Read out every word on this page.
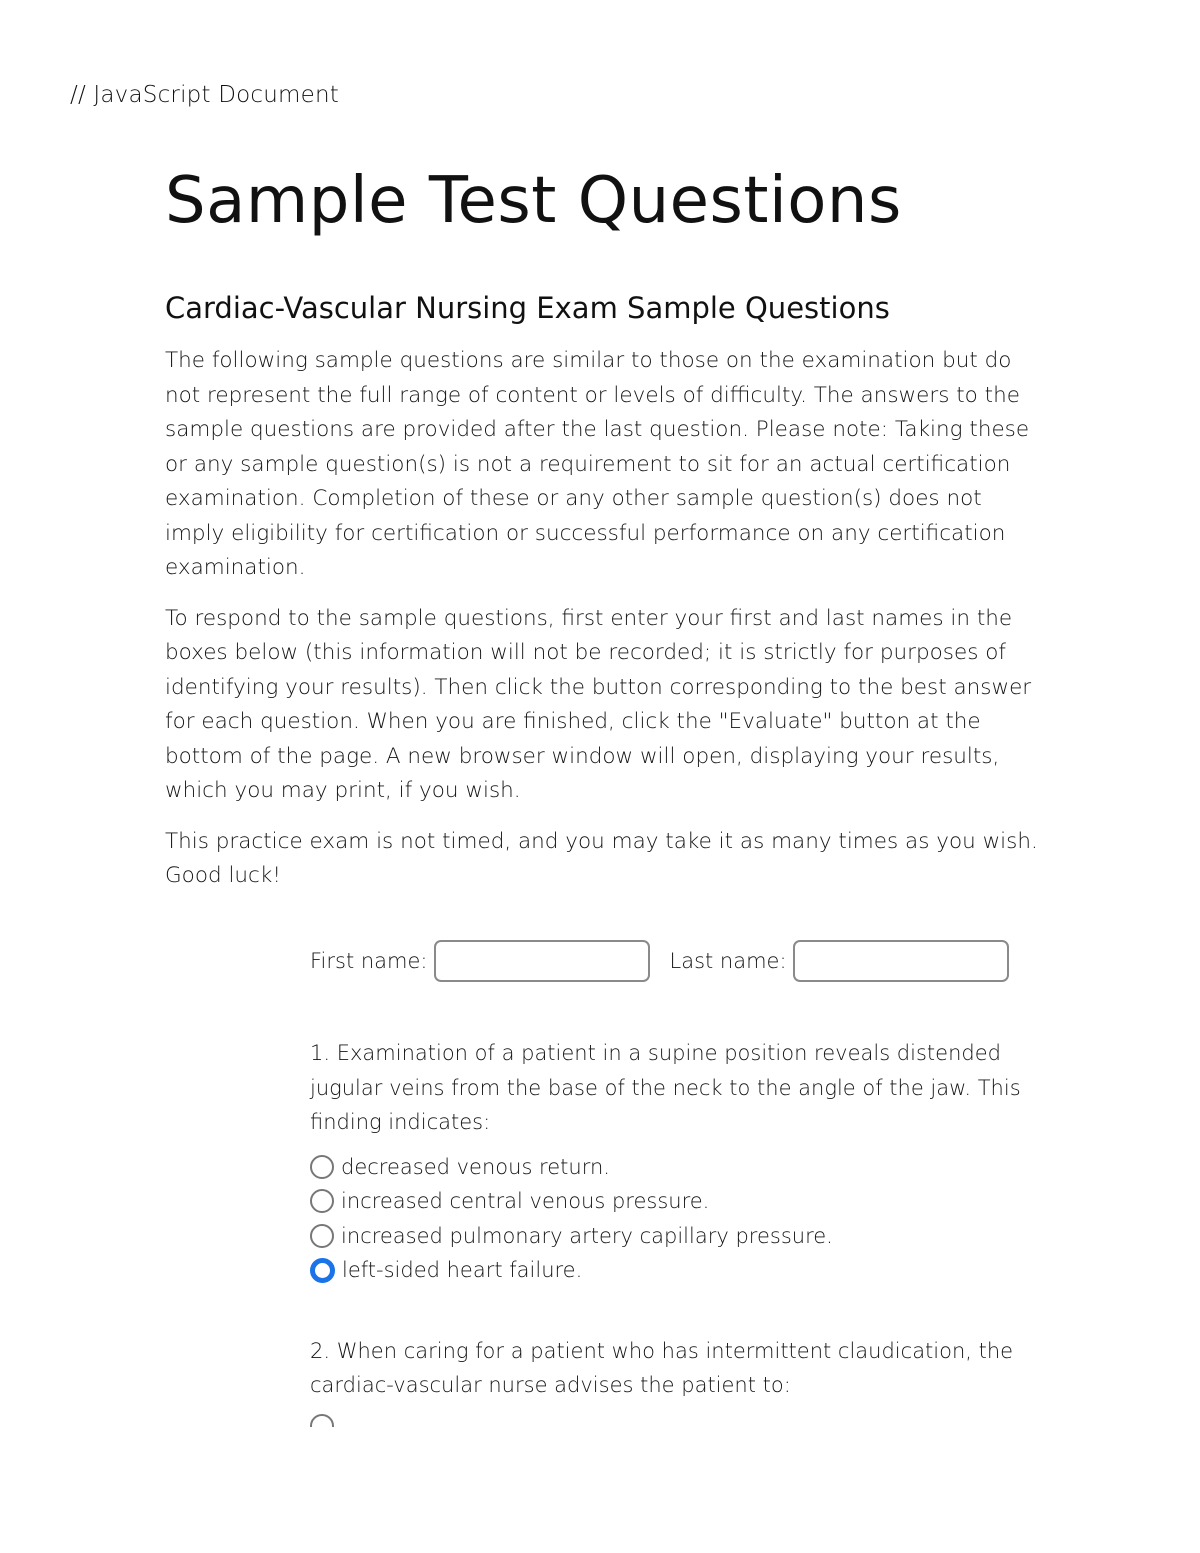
// JavaScript Document
Sample Test Questions
Cardiac-Vascular Nursing Exam Sample Questions

The following sample questions are similar to those on the examination but do not represent the full range of content or levels of difficulty. The answers to the sample questions are provided after the last question. Please note: Taking these or any sample question(s) is not a requirement to sit for an actual certification examination. Completion of these or any other sample question(s) does not imply eligibility for certification or successful performance on any certification examination.

To respond to the sample questions, first enter your first and last names in the boxes below (this information will not be recorded; it is strictly for purposes of identifying your results). Then click the button corresponding to the best answer for each question. When you are finished, click the "Evaluate" button at the bottom of the page. A new browser window will open, displaying your results, which you may print, if you wish.

This practice exam is not timed, and you may take it as many times as you wish. Good luck!

First name:	Last name:

1. Examination of a patient in a supine position reveals distended jugular veins from the base of the neck to the angle of the jaw. This finding indicates:

decreased venous return.
increased central venous pressure.
increased pulmonary artery capillary pressure.
left-sided heart failure.

2. When caring for a patient who has intermittent claudication, the cardiac-vascular nurse advises the patient to:
